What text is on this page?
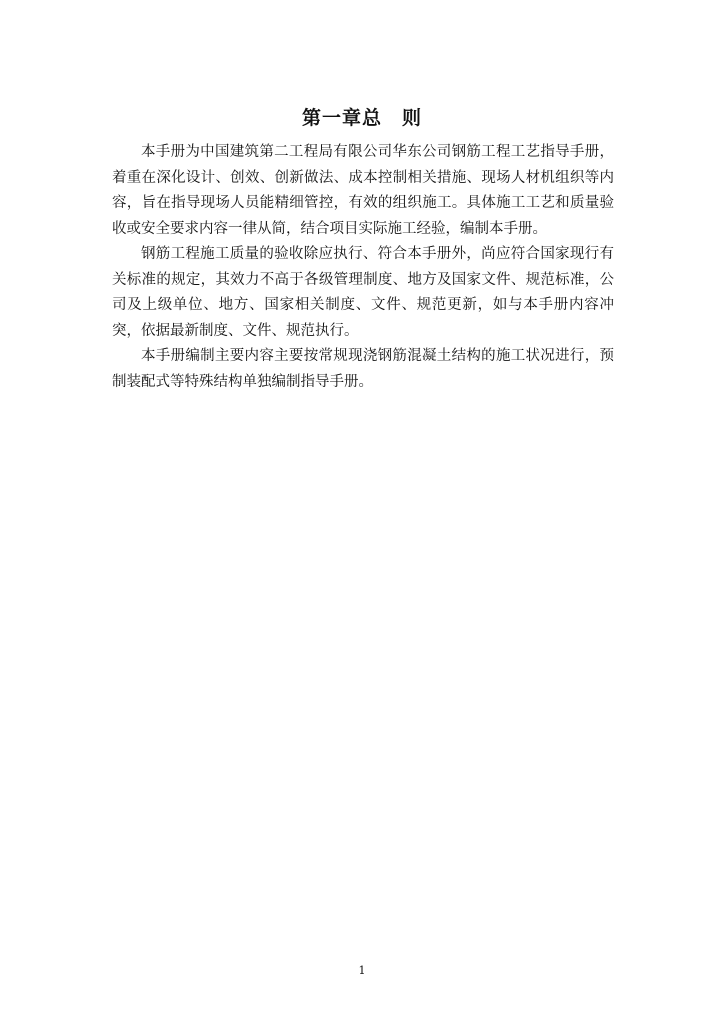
第一章总　则

本手册为中国建筑第二工程局有限公司华东公司钢筋工程工艺指导手册，着重在深化设计、创效、创新做法、成本控制相关措施、现场人材机组织等内容，旨在指导现场人员能精细管控，有效的组织施工。具体施工工艺和质量验收或安全要求内容一律从简，结合项目实际施工经验，编制本手册。

钢筋工程施工质量的验收除应执行、符合本手册外，尚应符合国家现行有关标准的规定，其效力不高于各级管理制度、地方及国家文件、规范标准，公司及上级单位、地方、国家相关制度、文件、规范更新，如与本手册内容冲突，依据最新制度、文件、规范执行。

本手册编制主要内容主要按常规现浇钢筋混凝土结构的施工状况进行，预制装配式等特殊结构单独编制指导手册。

1
